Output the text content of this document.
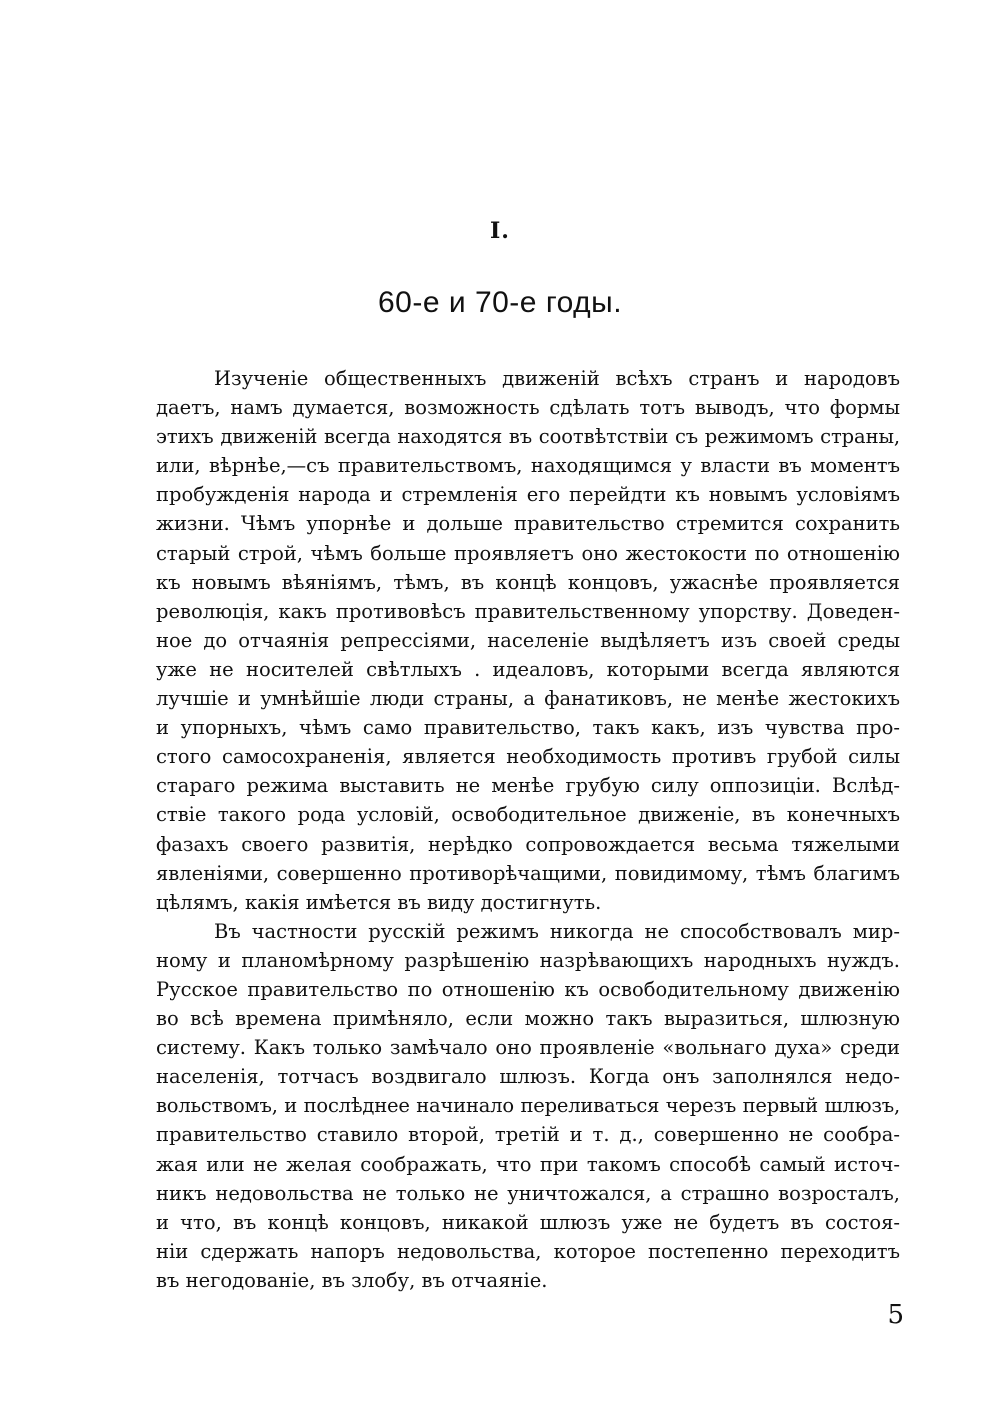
I.
60-е и 70-е годы.

Изученіе общественныхъ движеній всѣхъ странъ и народовъ
даетъ, намъ думается, возможность сдѣлать тотъ выводъ, что формы
этихъ движеній всегда находятся въ соотвѣтствіи съ режимомъ страны,
или, вѣрнѣе,—съ правительствомъ, находящимся у власти въ моментъ
пробужденія народа и стремленія его перейдти къ новымъ условіямъ
жизни. Чѣмъ упорнѣе и дольше правительство стремится сохранить
старый строй, чѣмъ больше проявляетъ оно жестокости по отношенію
къ новымъ вѣяніямъ, тѣмъ, въ концѣ концовъ, ужаснѣе проявляется
революція, какъ противовѣсъ правительственному упорству. Доведен-
ное до отчаянія репрессіями, населеніе выдѣляетъ изъ своей среды
уже не носителей свѣтлыхъ . идеаловъ, которыми всегда являются
лучшіе и умнѣйшіе люди страны, а фанатиковъ, не менѣе жестокихъ
и упорныхъ, чѣмъ само правительство, такъ какъ, изъ чувства про-
стого самосохраненія, является необходимость противъ грубой силы
стараго режима выставить не менѣе грубую силу оппозиціи. Вслѣд-
ствіе такого рода условій, освободительное движеніе, въ конечныхъ
фазахъ своего развитія, нерѣдко сопровождается весьма тяжелыми
явленіями, совершенно противорѣчащими, повидимому, тѣмъ благимъ
цѣлямъ, какія имѣется въ виду достигнуть.

Въ частности русскій режимъ никогда не способствовалъ мир-
ному и планомѣрному разрѣшенію назрѣвающихъ народныхъ нуждъ.
Русское правительство по отношенію къ освободительному движенію
во всѣ времена примѣняло, если можно такъ выразиться, шлюзную
систему. Какъ только замѣчало оно проявленіе «вольнаго духа» среди
населенія, тотчасъ воздвигало шлюзъ. Когда онъ заполнялся недо-
вольствомъ, и послѣднее начинало переливаться черезъ первый шлюзъ,
правительство ставило второй, третій и т. д., совершенно не сообра-
жая или не желая соображать, что при такомъ способѣ самый источ-
никъ недовольства не только не уничтожался, а страшно возросталъ,
и что, въ концѣ концовъ, никакой шлюзъ уже не будетъ въ состоя-
ніи сдержать напоръ недовольства, которое постепенно переходитъ
въ негодованіе, въ злобу, въ отчаяніе.

5
